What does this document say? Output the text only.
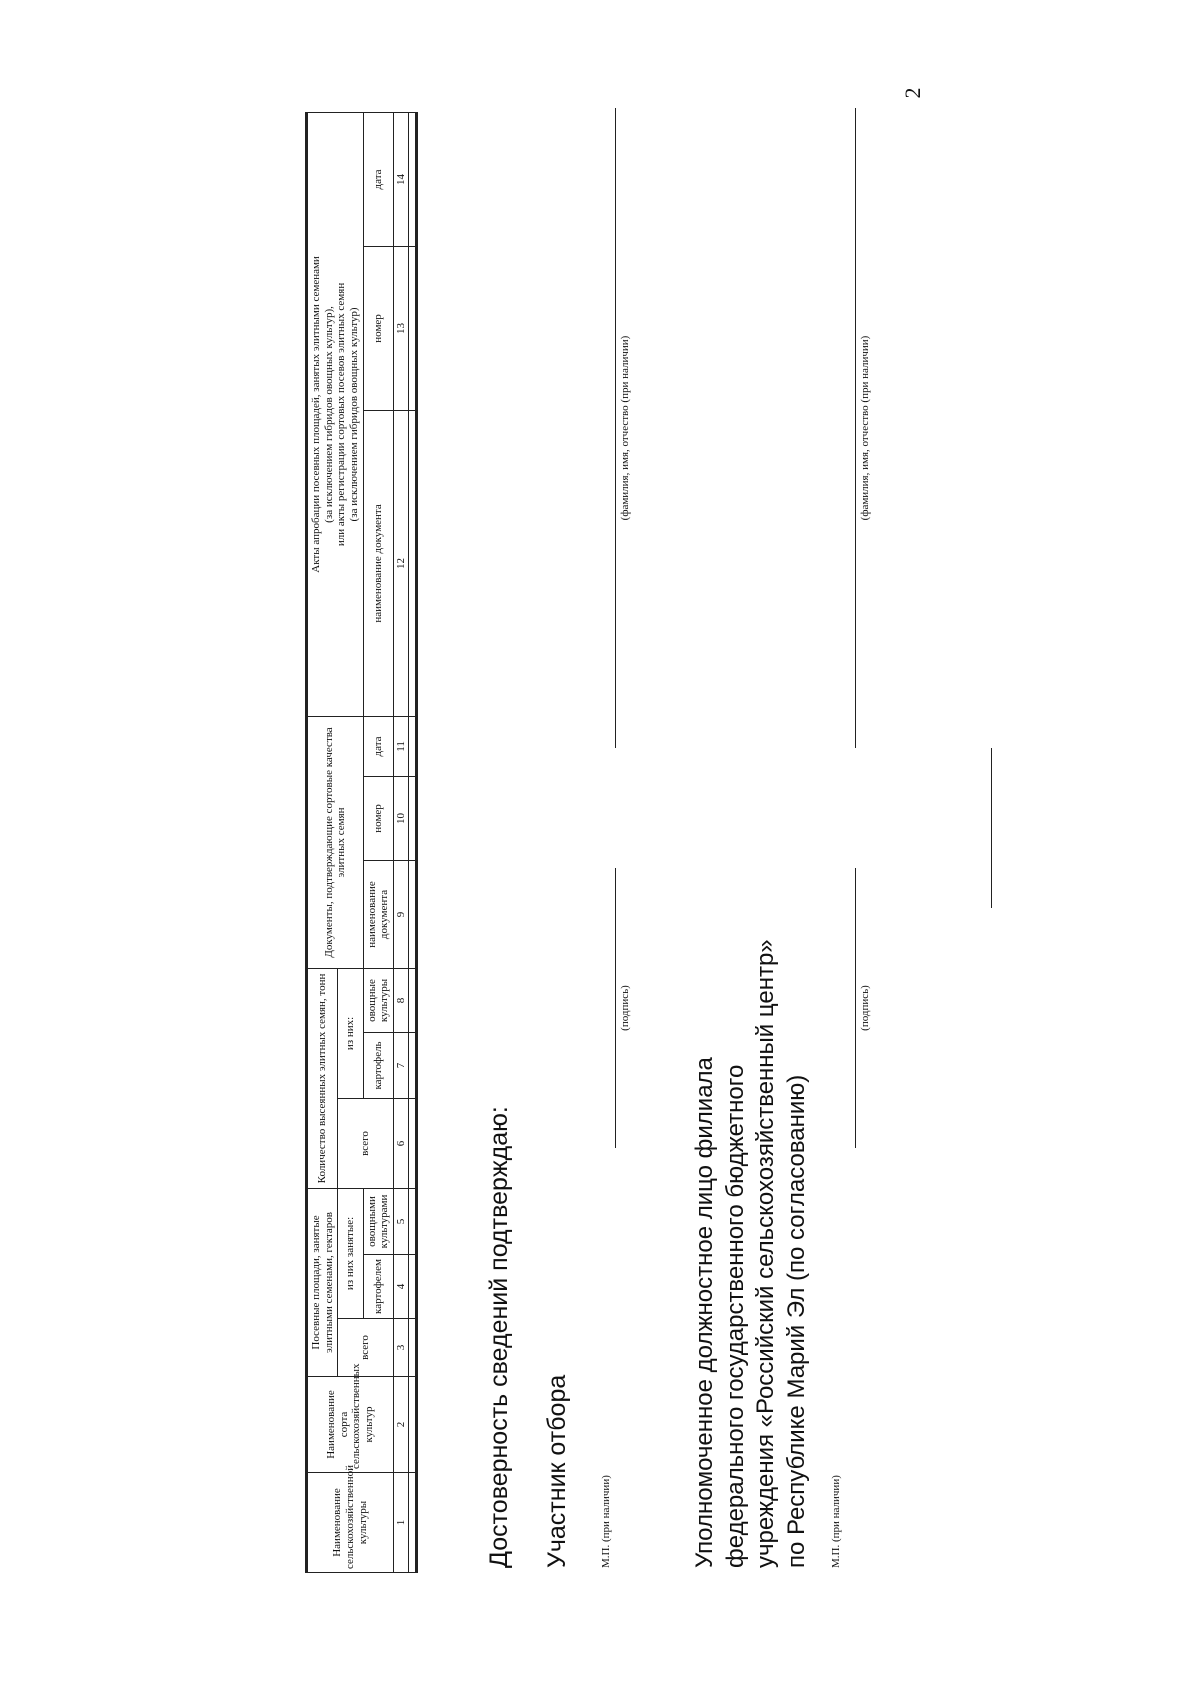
2
Наименование сельскохозяйственной культуры	Наименование сорта сельскохозяйственных культур	Посевные площади, занятые элитными семенами, гектаров			Количество высеянных элитных семян, тонн			Документы, подтверждающие сортовые качества элитных семян			Акты апробации посевных площадей, занятых элитными семенами (за исключением гибридов овощных культур), или акты регистрации сортовых посевов элитных семян (за исключением гибридов овощных культур)		

		всего	из них занятые:		всего	из них:							
			картофелем	овощными культурами		картофель	овощные культуры	наименование документа	номер	дата	наименование документа	номер	дата
1	2	3	4	5	6	7	8	9	10	11	12	13	14

Достоверность сведений подтверждаю: Участник отбора	М.П. (при наличии)
(подпись)
(фамилия, имя, отчество (при наличии)
Уполномоченное должностное лицо филиала федерального государственного бюджетного учреждения «Российский сельскохозяйственный центр» по Республике Марий Эл (по согласованию) М.П. (при наличии)
(подпись)
(фамилия, имя, отчество (при наличии)
